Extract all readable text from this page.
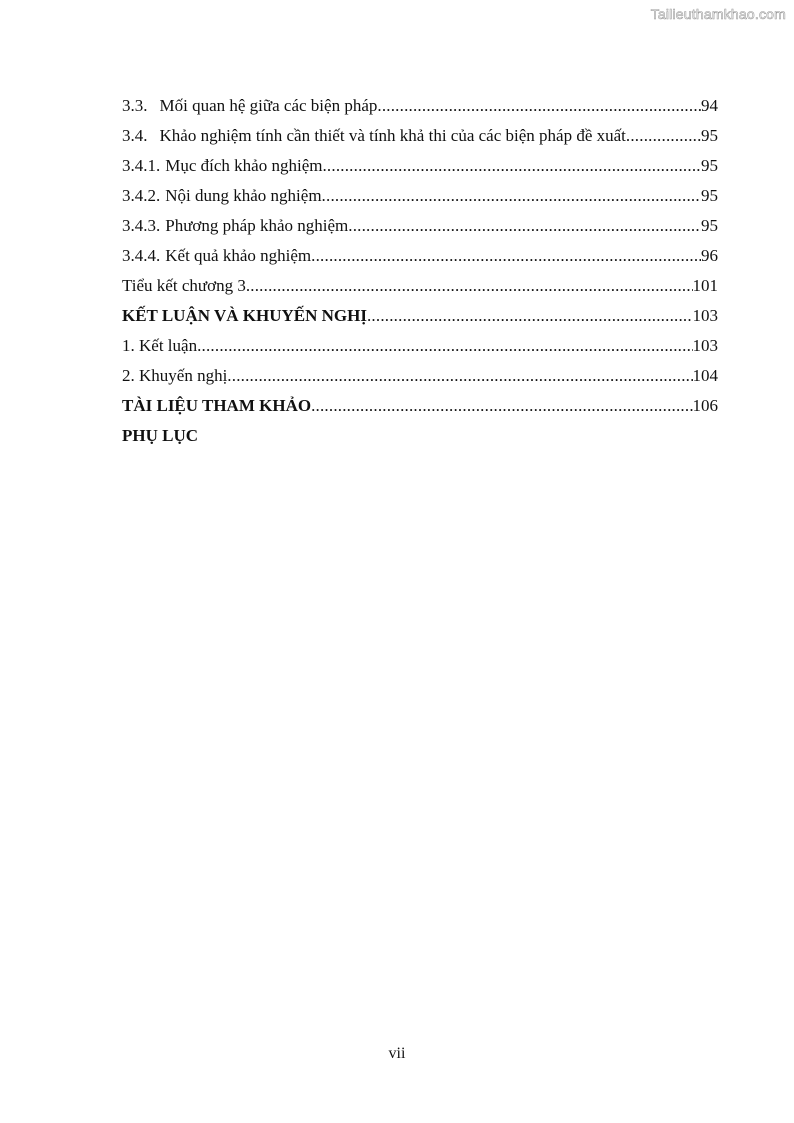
Tailieuthamkhao.com
3.3. Mối quan hệ giữa các biện pháp .....	94
3.4. Khảo nghiệm tính cần thiết và tính khả thi của các biện pháp đề xuất .....	95
3.4.1. Mục đích khảo nghiệm .....	95
3.4.2. Nội dung khảo nghiệm .....	95
3.4.3. Phương pháp khảo nghiệm .....	95
3.4.4. Kết quả khảo nghiệm .....	96
Tiểu kết chương 3 .....	101
KẾT LUẬN VÀ KHUYẾN NGHỊ .....	103
1. Kết luận .....	103
2. Khuyến nghị .....	104
TÀI LIỆU THAM KHẢO .....	106
PHỤ LỤC
vii
